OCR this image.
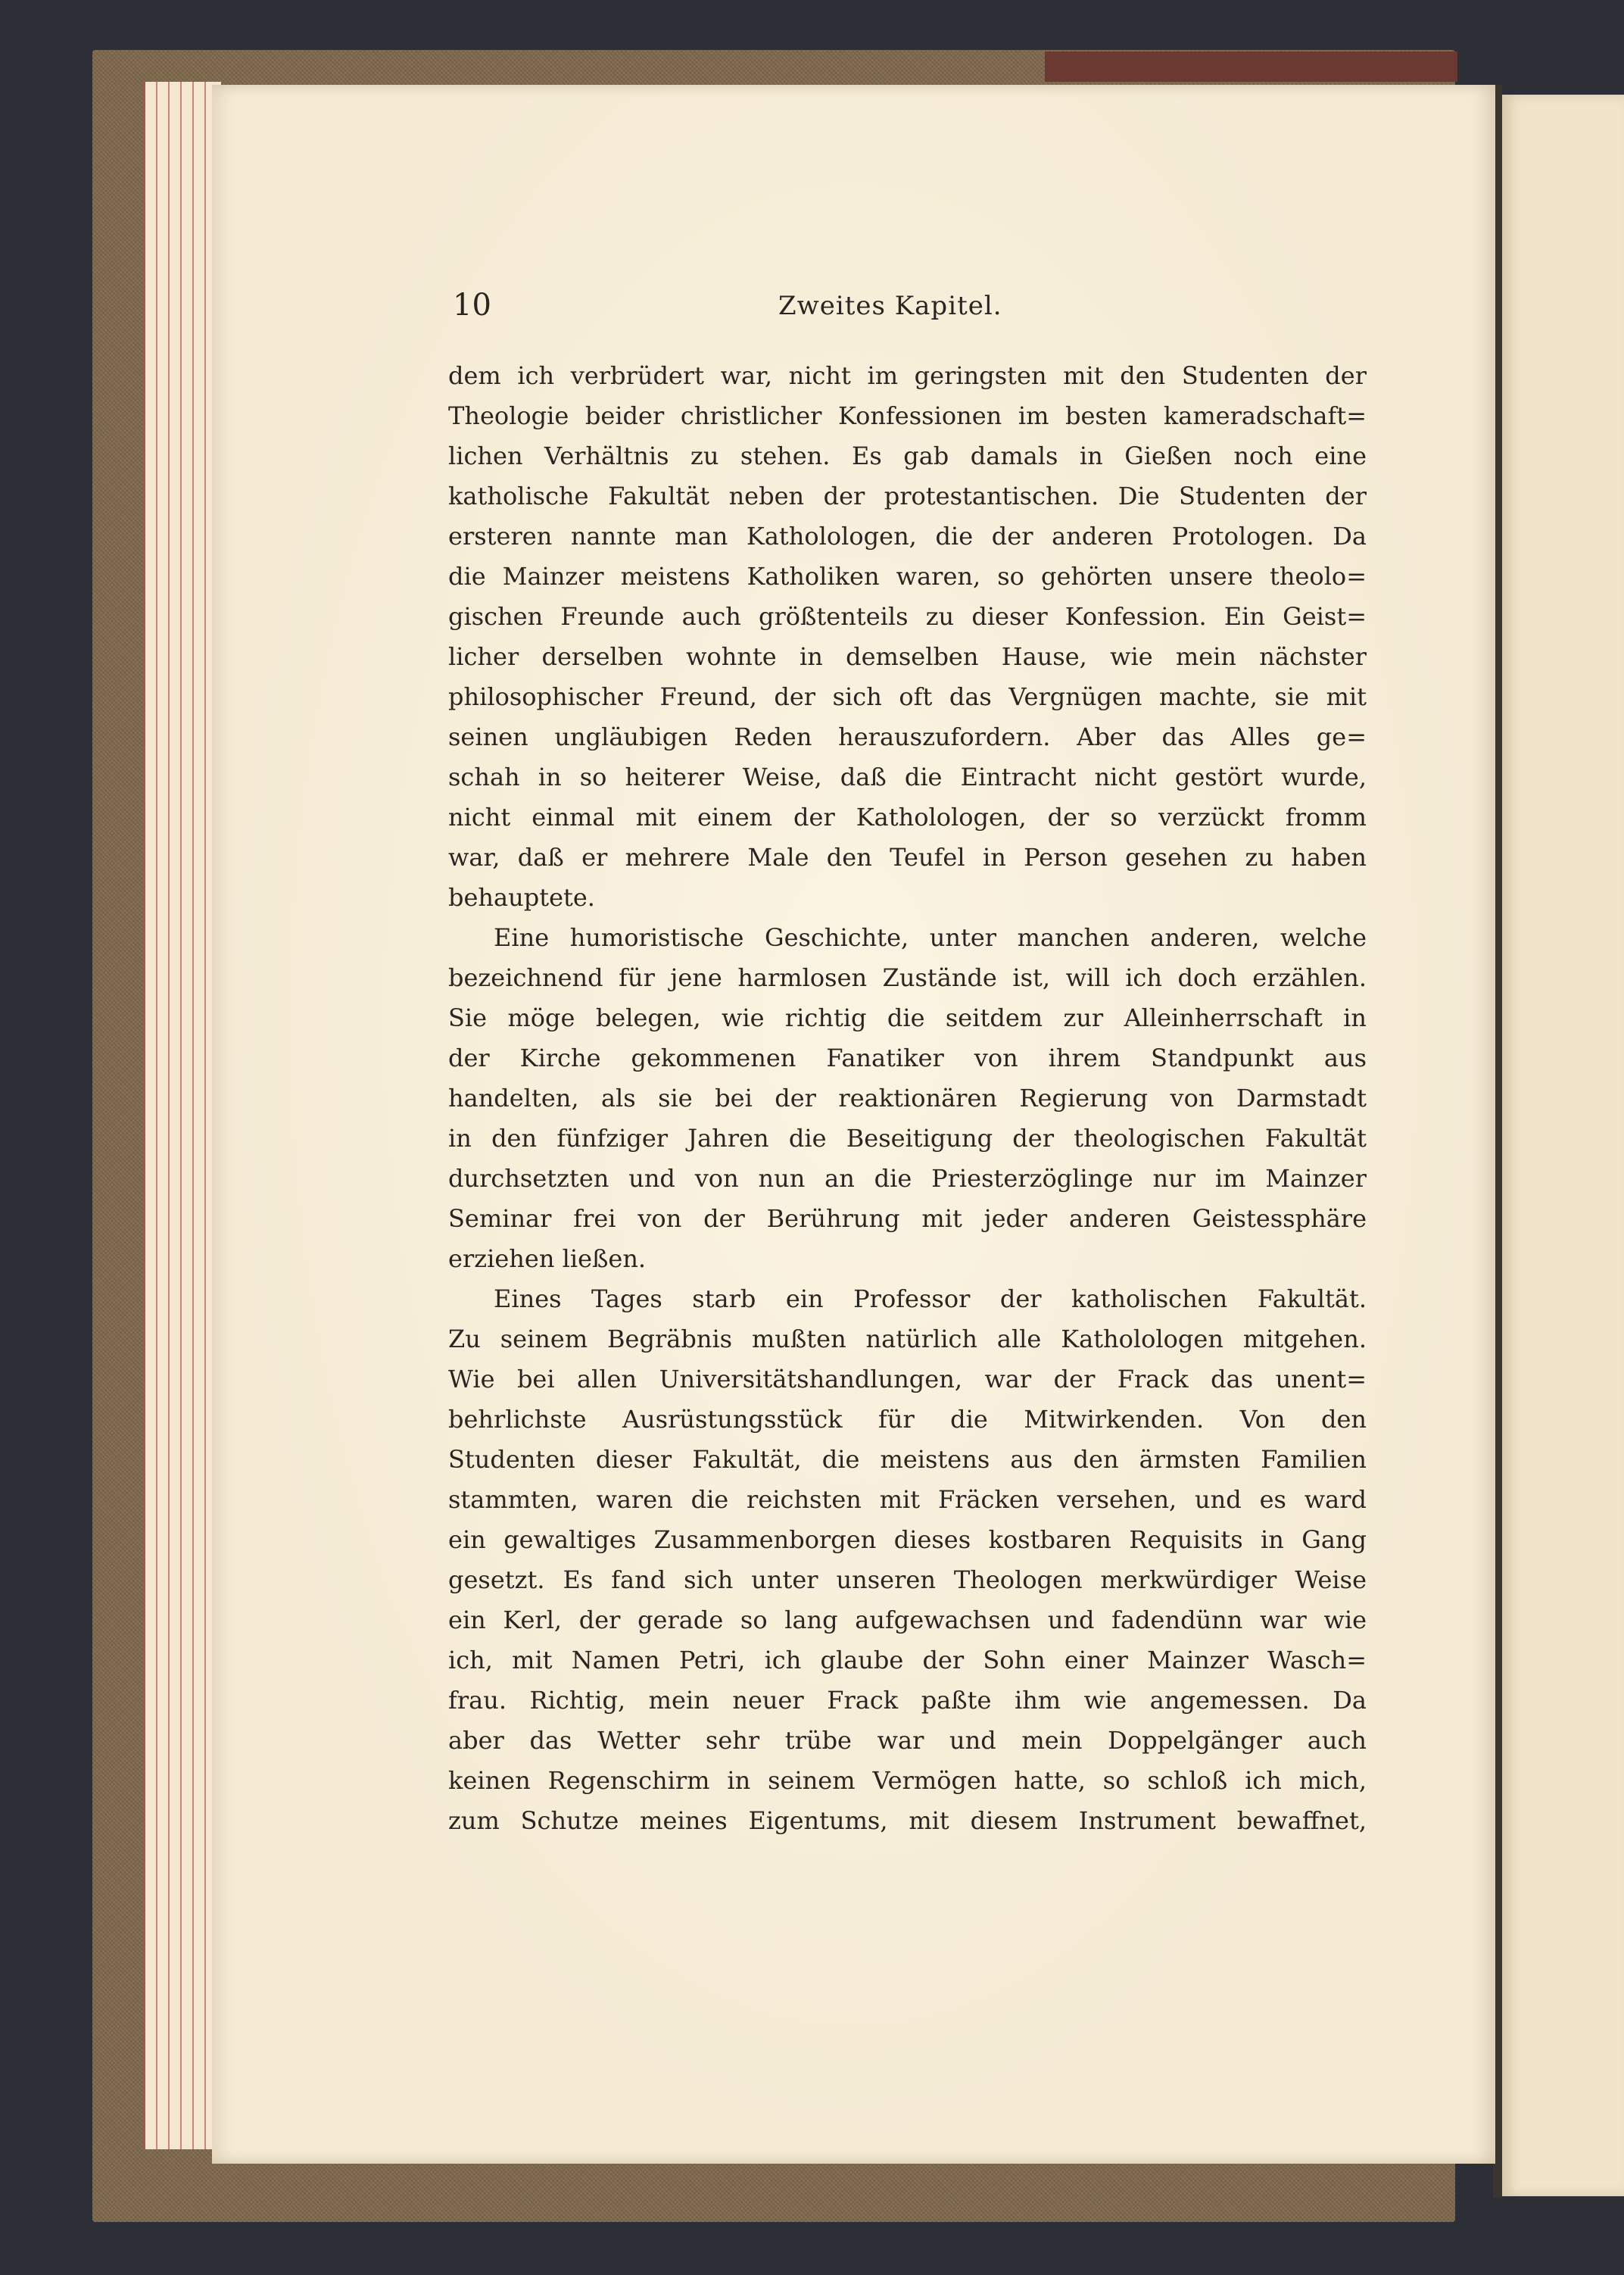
10	Zweites Kapitel.
dem ich verbrüdert war, nicht im geringsten mit den Studenten der
Theologie beider christlicher Konfessionen im besten kameradschaft=
lichen Verhältnis zu stehen. Es gab damals in Gießen noch eine
katholische Fakultät neben der protestantischen. Die Studenten der
ersteren nannte man Katholologen, die der anderen Protologen. Da
die Mainzer meistens Katholiken waren, so gehörten unsere theolo=
gischen Freunde auch größtenteils zu dieser Konfession. Ein Geist=
licher derselben wohnte in demselben Hause, wie mein nächster
philosophischer Freund, der sich oft das Vergnügen machte, sie mit
seinen ungläubigen Reden herauszufordern. Aber das Alles ge=
schah in so heiterer Weise, daß die Eintracht nicht gestört wurde,
nicht einmal mit einem der Katholologen, der so verzückt fromm
war, daß er mehrere Male den Teufel in Person gesehen zu haben
behauptete.
Eine humoristische Geschichte, unter manchen anderen, welche
bezeichnend für jene harmlosen Zustände ist, will ich doch erzählen.
Sie möge belegen, wie richtig die seitdem zur Alleinherrschaft in
der Kirche gekommenen Fanatiker von ihrem Standpunkt aus
handelten, als sie bei der reaktionären Regierung von Darmstadt
in den fünfziger Jahren die Beseitigung der theologischen Fakultät
durchsetzten und von nun an die Priesterzöglinge nur im Mainzer
Seminar frei von der Berührung mit jeder anderen Geistessphäre
erziehen ließen.
Eines Tages starb ein Professor der katholischen Fakultät.
Zu seinem Begräbnis mußten natürlich alle Katholologen mitgehen.
Wie bei allen Universitätshandlungen, war der Frack das unent=
behrlichste Ausrüstungsstück für die Mitwirkenden. Von den
Studenten dieser Fakultät, die meistens aus den ärmsten Familien
stammten, waren die reichsten mit Fräcken versehen, und es ward
ein gewaltiges Zusammenborgen dieses kostbaren Requisits in Gang
gesetzt. Es fand sich unter unseren Theologen merkwürdiger Weise
ein Kerl, der gerade so lang aufgewachsen und fadendünn war wie
ich, mit Namen Petri, ich glaube der Sohn einer Mainzer Wasch=
frau. Richtig, mein neuer Frack paßte ihm wie angemessen. Da
aber das Wetter sehr trübe war und mein Doppelgänger auch
keinen Regenschirm in seinem Vermögen hatte, so schloß ich mich,
zum Schutze meines Eigentums, mit diesem Instrument bewaffnet,
